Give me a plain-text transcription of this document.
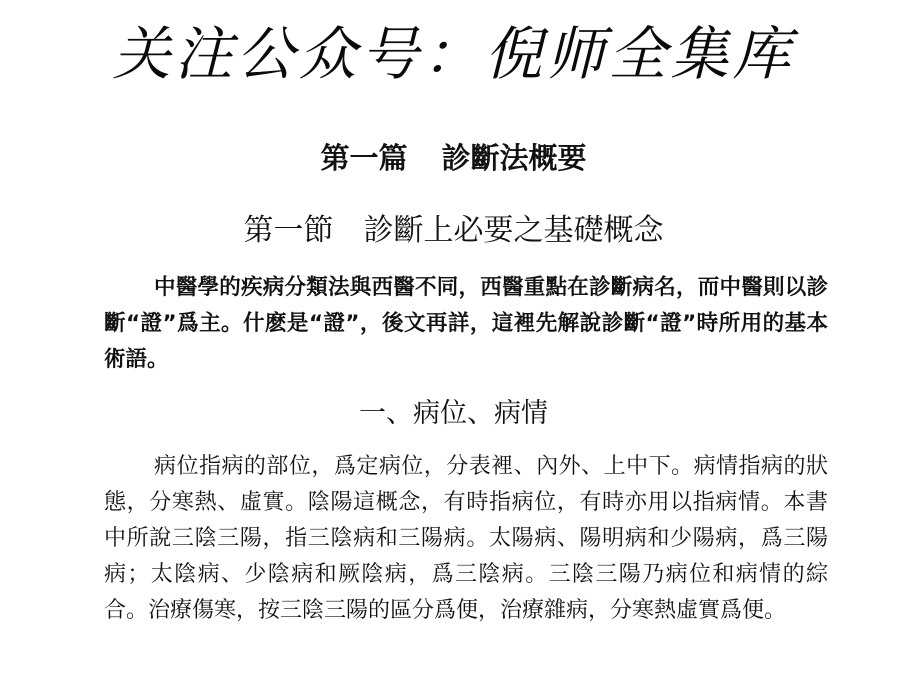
关注公众号：倪师全集库
第一篇 診斷法概要
第一節 診斷上必要之基礎概念

中醫學的疾病分類法與西醫不同，西醫重點在診斷病名，而中醫則以診斷“證”爲主。什麽是“證”，後文再詳，這裡先解說診斷“證”時所用的基本術語。

一、病位、病情

病位指病的部位，爲定病位，分表裡、內外、上中下。病情指病的狀態，分寒熱、虛實。陰陽這概念，有時指病位，有時亦用以指病情。本書中所說三陰三陽，指三陰病和三陽病。太陽病、陽明病和少陽病，爲三陽病；太陰病、少陰病和厥陰病，爲三陰病。三陰三陽乃病位和病情的綜合。治療傷寒，按三陰三陽的區分爲便，治療雜病，分寒熱虛實爲便。
